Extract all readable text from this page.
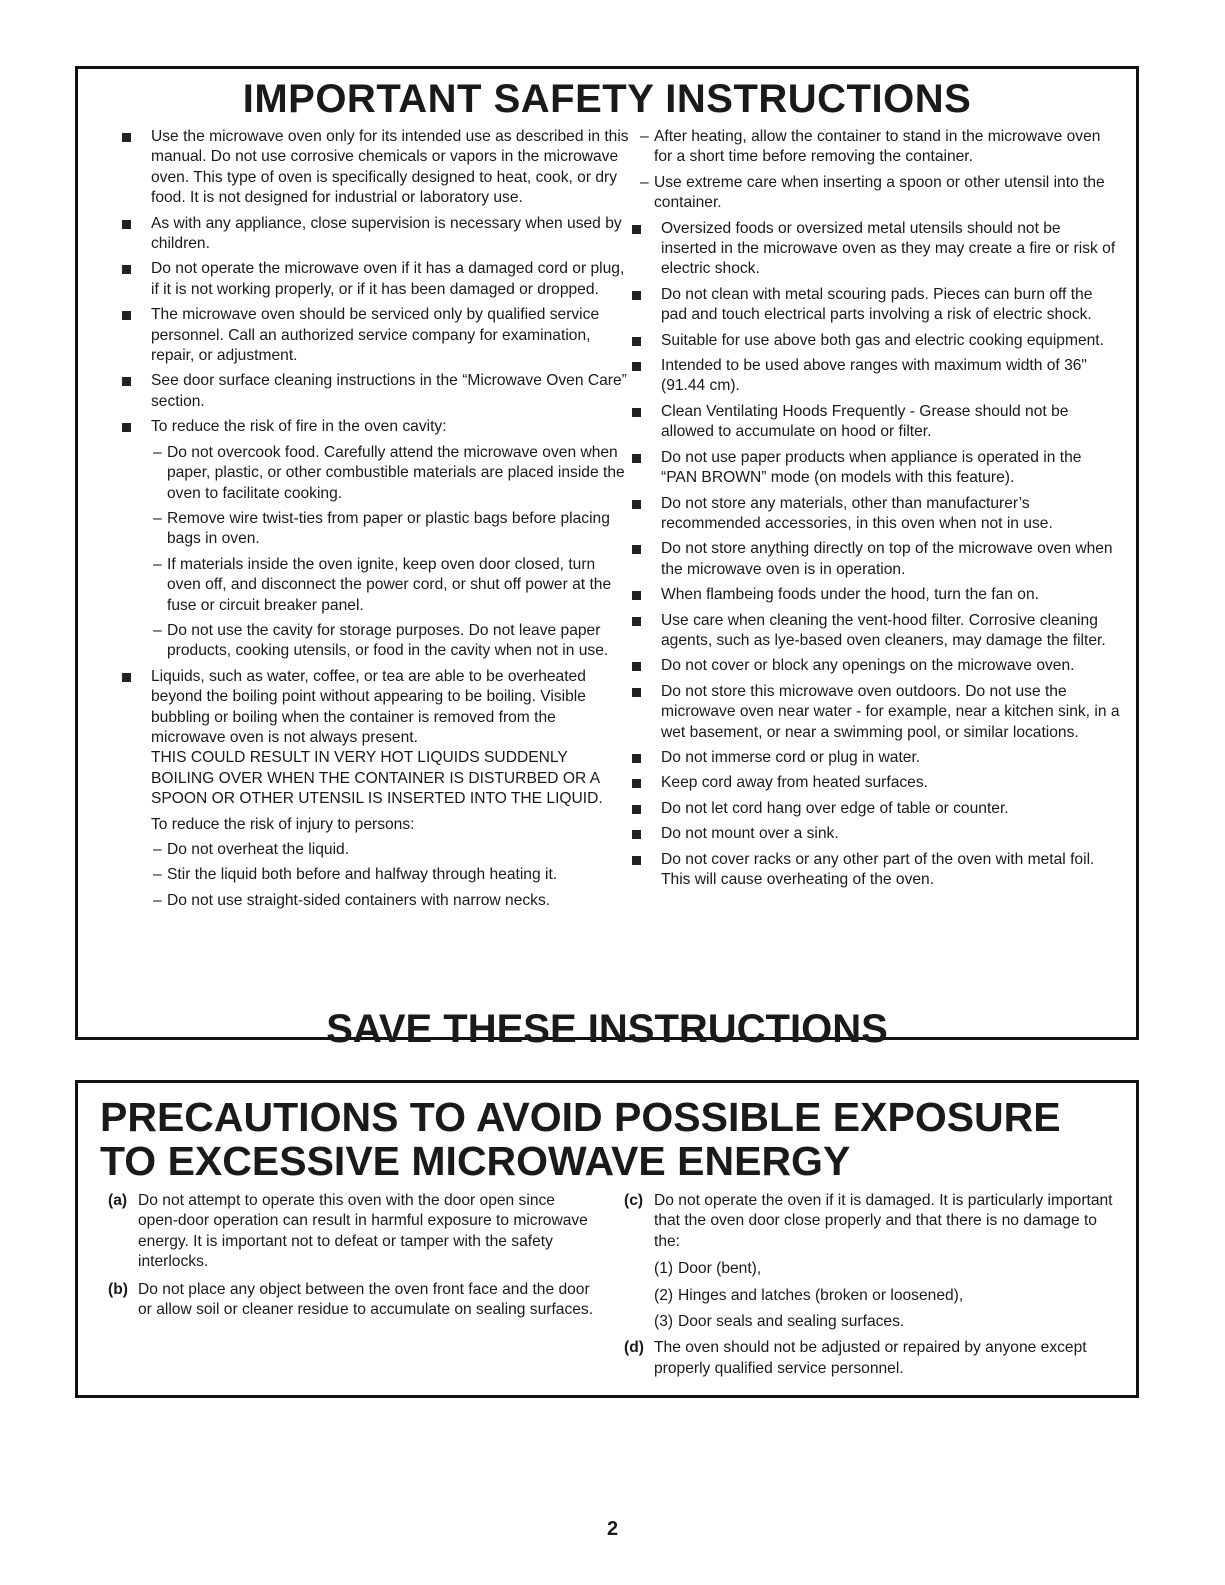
IMPORTANT SAFETY INSTRUCTIONS
Use the microwave oven only for its intended use as described in this manual. Do not use corrosive chemicals or vapors in the microwave oven. This type of oven is specifically designed to heat, cook, or dry food. It is not designed for industrial or laboratory use.
As with any appliance, close supervision is necessary when used by children.
Do not operate the microwave oven if it has a damaged cord or plug, if it is not working properly, or if it has been damaged or dropped.
The microwave oven should be serviced only by qualified service personnel. Call an authorized service company for examination, repair, or adjustment.
See door surface cleaning instructions in the “Microwave Oven Care” section.
To reduce the risk of fire in the oven cavity:
– Do not overcook food. Carefully attend the microwave oven when paper, plastic, or other combustible materials are placed inside the oven to facilitate cooking.
– Remove wire twist-ties from paper or plastic bags before placing bags in oven.
– If materials inside the oven ignite, keep oven door closed, turn oven off, and disconnect the power cord, or shut off power at the fuse or circuit breaker panel.
– Do not use the cavity for storage purposes. Do not leave paper products, cooking utensils, or food in the cavity when not in use.
Liquids, such as water, coffee, or tea are able to be overheated beyond the boiling point without appearing to be boiling. Visible bubbling or boiling when the container is removed from the microwave oven is not always present.
THIS COULD RESULT IN VERY HOT LIQUIDS SUDDENLY BOILING OVER WHEN THE CONTAINER IS DISTURBED OR A SPOON OR OTHER UTENSIL IS INSERTED INTO THE LIQUID.
To reduce the risk of injury to persons:
– Do not overheat the liquid.
– Stir the liquid both before and halfway through heating it.
– Do not use straight-sided containers with narrow necks.
– After heating, allow the container to stand in the microwave oven for a short time before removing the container.
– Use extreme care when inserting a spoon or other utensil into the container.
Oversized foods or oversized metal utensils should not be inserted in the microwave oven as they may create a fire or risk of electric shock.
Do not clean with metal scouring pads. Pieces can burn off the pad and touch electrical parts involving a risk of electric shock.
Suitable for use above both gas and electric cooking equipment.
Intended to be used above ranges with maximum width of 36" (91.44 cm).
Clean Ventilating Hoods Frequently - Grease should not be allowed to accumulate on hood or filter.
Do not use paper products when appliance is operated in the “PAN BROWN” mode (on models with this feature).
Do not store any materials, other than manufacturer’s recommended accessories, in this oven when not in use.
Do not store anything directly on top of the microwave oven when the microwave oven is in operation.
When flambeing foods under the hood, turn the fan on.
Use care when cleaning the vent-hood filter. Corrosive cleaning agents, such as lye-based oven cleaners, may damage the filter.
Do not cover or block any openings on the microwave oven.
Do not store this microwave oven outdoors. Do not use the microwave oven near water - for example, near a kitchen sink, in a wet basement, or near a swimming pool, or similar locations.
Do not immerse cord or plug in water.
Keep cord away from heated surfaces.
Do not let cord hang over edge of table or counter.
Do not mount over a sink.
Do not cover racks or any other part of the oven with metal foil. This will cause overheating of the oven.
SAVE THESE INSTRUCTIONS
PRECAUTIONS TO AVOID POSSIBLE EXPOSURE TO EXCESSIVE MICROWAVE ENERGY
(a) Do not attempt to operate this oven with the door open since open-door operation can result in harmful exposure to microwave energy. It is important not to defeat or tamper with the safety interlocks.
(b) Do not place any object between the oven front face and the door or allow soil or cleaner residue to accumulate on sealing surfaces.
(c) Do not operate the oven if it is damaged. It is particularly important that the oven door close properly and that there is no damage to the:
(1) Door (bent),
(2) Hinges and latches (broken or loosened),
(3) Door seals and sealing surfaces.
(d) The oven should not be adjusted or repaired by anyone except properly qualified service personnel.
2
